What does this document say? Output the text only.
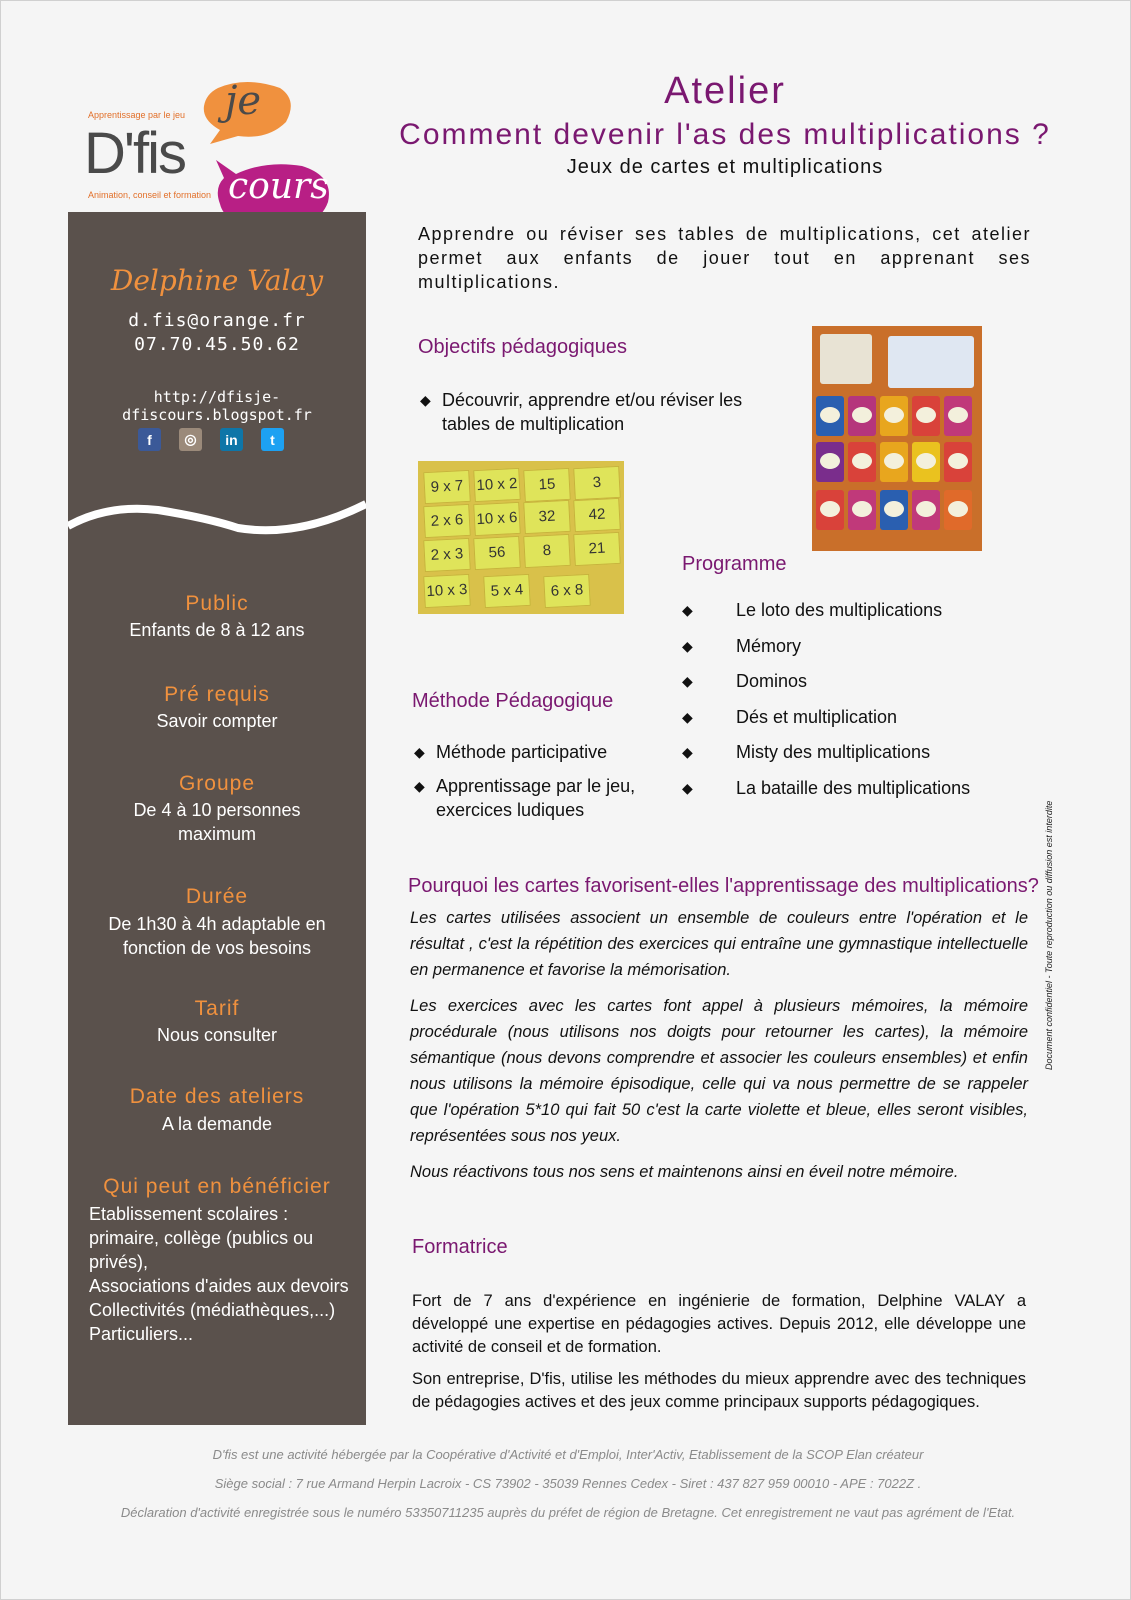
je
cours
Apprentissage par le jeu
D'fis
Animation, conseil et formation
Delphine Valay
d.fis@orange.fr
07.70.45.50.62
http://dfisje-dfiscours.blogspot.fr
f	◎	in	t
Public
Enfants de 8 à 12 ans
Pré requis
Savoir compter
Groupe
De 4 à 10 personnes
maximum
Durée
De 1h30 à 4h adaptable en
fonction de vos besoins
Tarif
Nous consulter
Date des ateliers
A la demande
Qui peut en bénéficier
Etablissement scolaires :
primaire, collège (publics ou
privés),
Associations d'aides aux devoirs
Collectivités (médiathèques,...)
Particuliers...
Atelier
Comment devenir l'as des multiplications ?
Jeux de cartes et multiplications
Apprendre ou réviser ses tables de multiplications, cet atelier permet aux enfants de jouer tout en apprenant ses multiplications.
Objectifs pédagogiques
◆ Découvrir, apprendre et/ou réviser les tables de multiplication
9 x 7 10 x 2	15	3
2 x 6 10 x 6	32	42
2 x 3	56	8	21
10 x 3	5 x 4	6 x 8
Programme
◆ Le loto des multiplications
◆ Mémory
◆ Dominos
◆ Dés et multiplication
◆ Misty des multiplications
◆ La bataille des multiplications
Méthode Pédagogique
◆ Méthode participative
◆ Apprentissage par le jeu, exercices ludiques
Pourquoi les cartes favorisent-elles l'apprentissage des multiplications?

Les cartes utilisées associent un ensemble de couleurs entre l'opération et le résultat , c'est la répétition des exercices qui entraîne une gymnastique intellectuelle en permanence et favorise la mémorisation.

Les exercices avec les cartes font appel à plusieurs mémoires, la mémoire procédurale (nous utilisons nos doigts pour retourner les cartes), la mémoire sémantique (nous devons comprendre et associer les couleurs ensembles) et enfin nous utilisons la mémoire épisodique, celle qui va nous permettre de se rappeler que l'opération 5*10 qui fait 50 c'est la carte violette et bleue, elles seront visibles, représentées sous nos yeux.

Nous réactivons tous nos sens et maintenons ainsi en éveil notre mémoire.

Formatrice

Fort de 7 ans d'expérience en ingénierie de formation, Delphine VALAY a développé une expertise en pédagogies actives. Depuis 2012, elle développe une activité de conseil et de formation.

Son entreprise, D'fis, utilise les méthodes du mieux apprendre avec des techniques de pédagogies actives et des jeux comme principaux supports pédagogiques.

Document confidentiel - Toute reproduction ou diffusion est interdite
D'fis est une activité hébergée par la Coopérative d'Activité et d'Emploi, Inter'Activ, Etablissement de la SCOP Elan créateur
Siège social : 7 rue Armand Herpin Lacroix - CS 73902 - 35039 Rennes Cedex - Siret : 437 827 959 00010 - APE : 7022Z .
Déclaration d'activité enregistrée sous le numéro 53350711235 auprès du préfet de région de Bretagne. Cet enregistrement ne vaut pas agrément de l'Etat.
